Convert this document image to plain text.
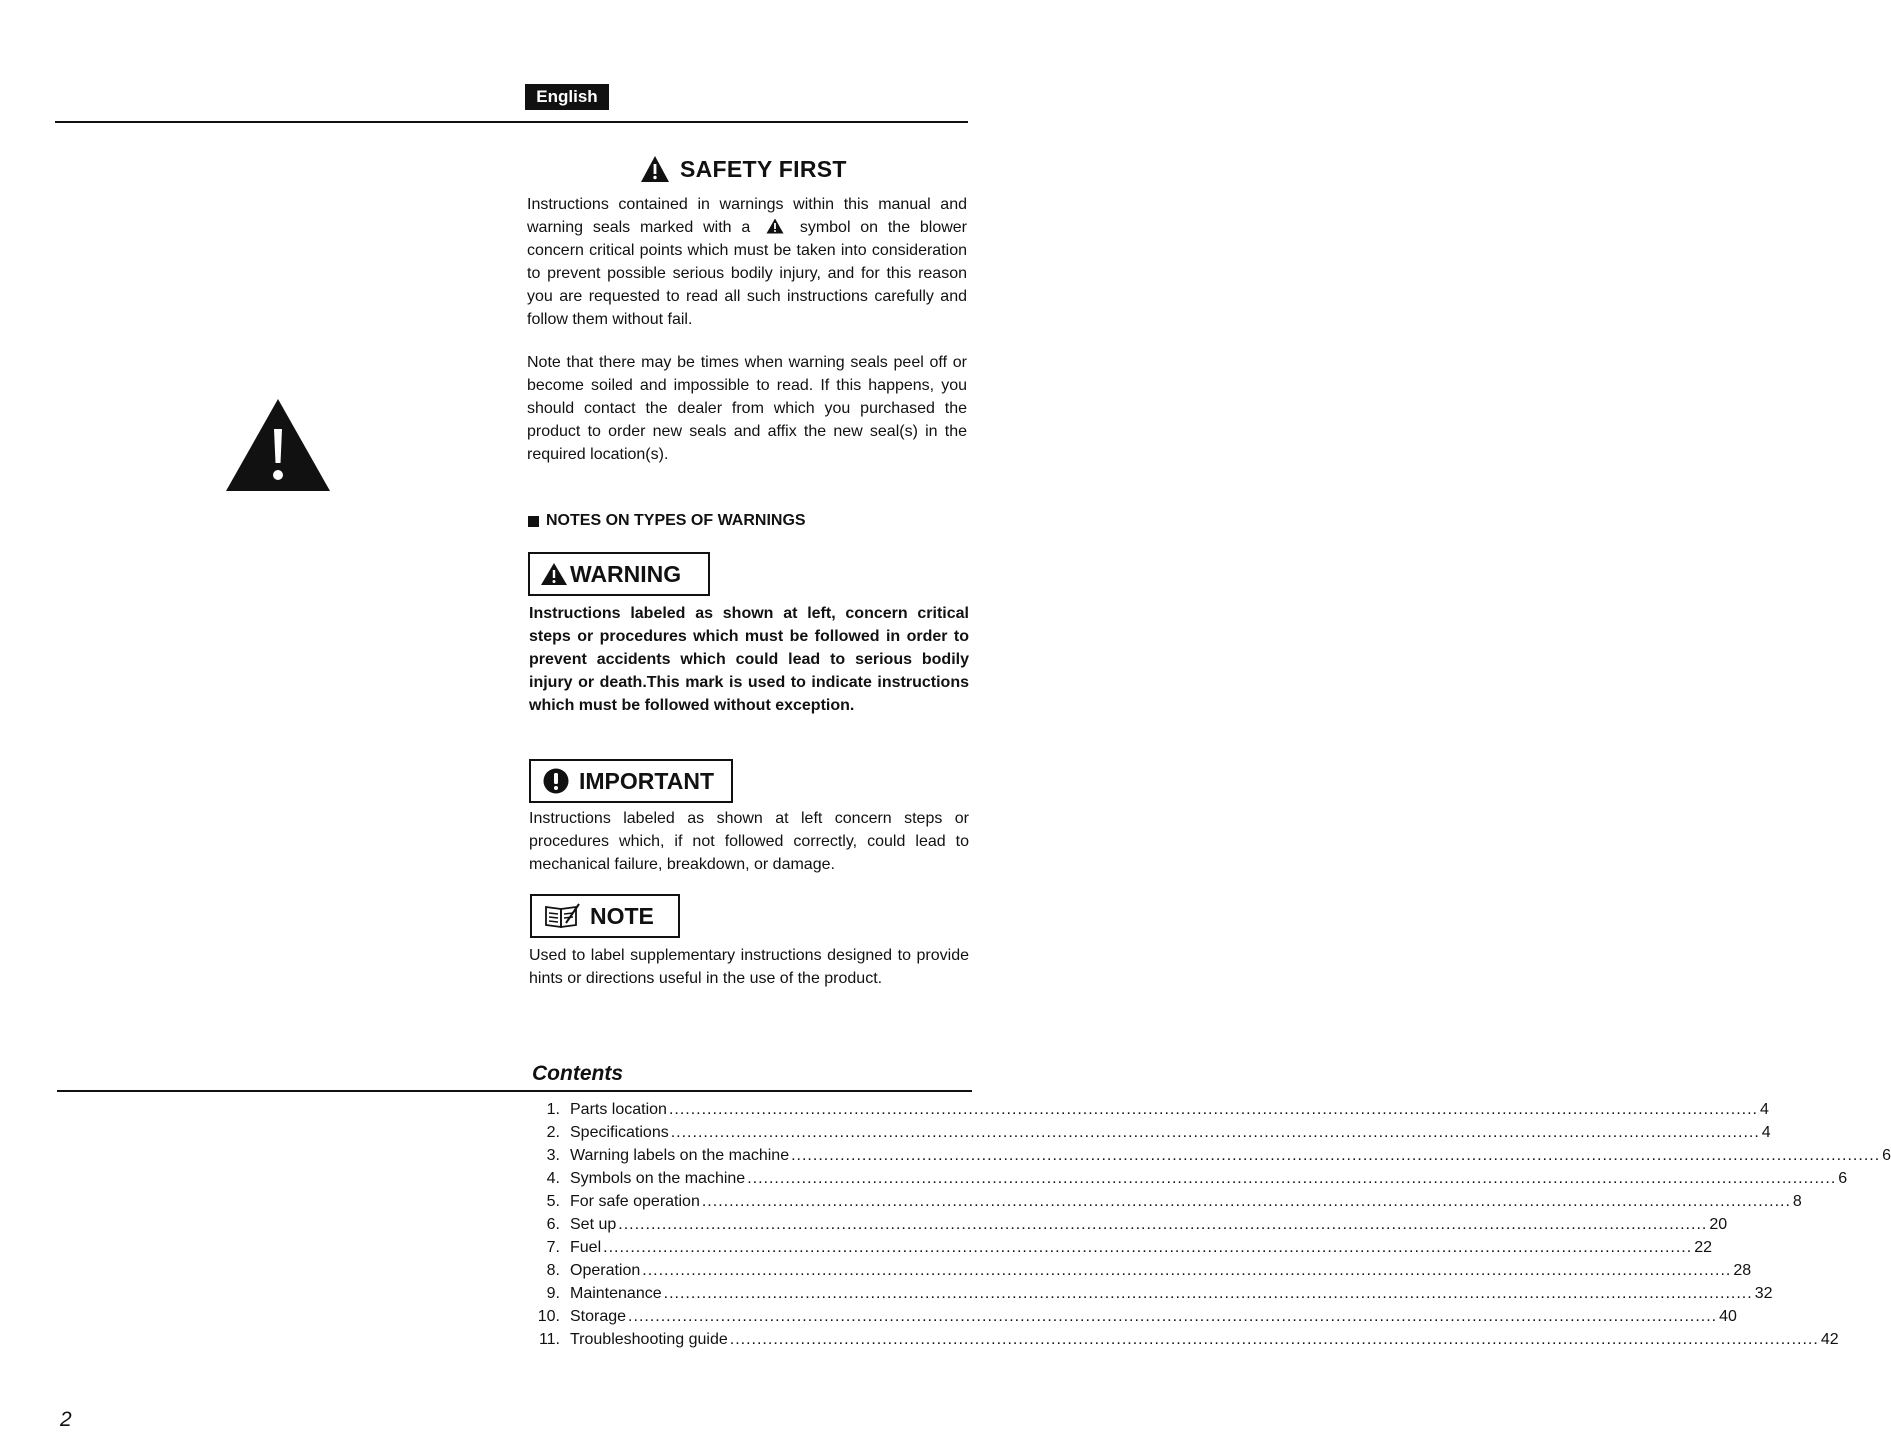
English
SAFETY FIRST
Instructions contained in warnings within this manual and warning seals marked with a	symbol on the blower concern critical points which must be taken into consideration to prevent possible serious bodily injury, and for this reason you are requested to read all such instructions carefully and follow them without fail.
Note that there may be times when warning seals peel off or become soiled and impossible to read. If this happens, you should contact the dealer from which you purchased the product to order new seals and affix the new seal(s) in the required location(s).
NOTES ON TYPES OF WARNINGS
WARNING
Instructions labeled as shown at left, concern critical steps or procedures which must be followed in order to prevent accidents which could lead to serious bodily injury or death.This mark is used to indicate instructions which must be followed without exception.
IMPORTANT
Instructions labeled as shown at left concern steps or procedures which, if not followed correctly, could lead to mechanical failure, breakdown, or damage.
NOTE
Used to label supplementary instructions designed to provide hints or directions useful in the use of the product.
Contents
1. Parts location ........................................................................................................................................................................................................ 4
2. Specifications ........................................................................................................................................................................................................ 4
3. Warning labels on the machine ........................................................................................................................................................................................................ 6
4. Symbols on the machine ........................................................................................................................................................................................................ 6
5. For safe operation ........................................................................................................................................................................................................ 8
6. Set up ........................................................................................................................................................................................................ 20
7. Fuel ........................................................................................................................................................................................................ 22
8. Operation ........................................................................................................................................................................................................ 28
9. Maintenance ........................................................................................................................................................................................................ 32
10. Storage ........................................................................................................................................................................................................ 40
11. Troubleshooting guide ........................................................................................................................................................................................................ 42
2
